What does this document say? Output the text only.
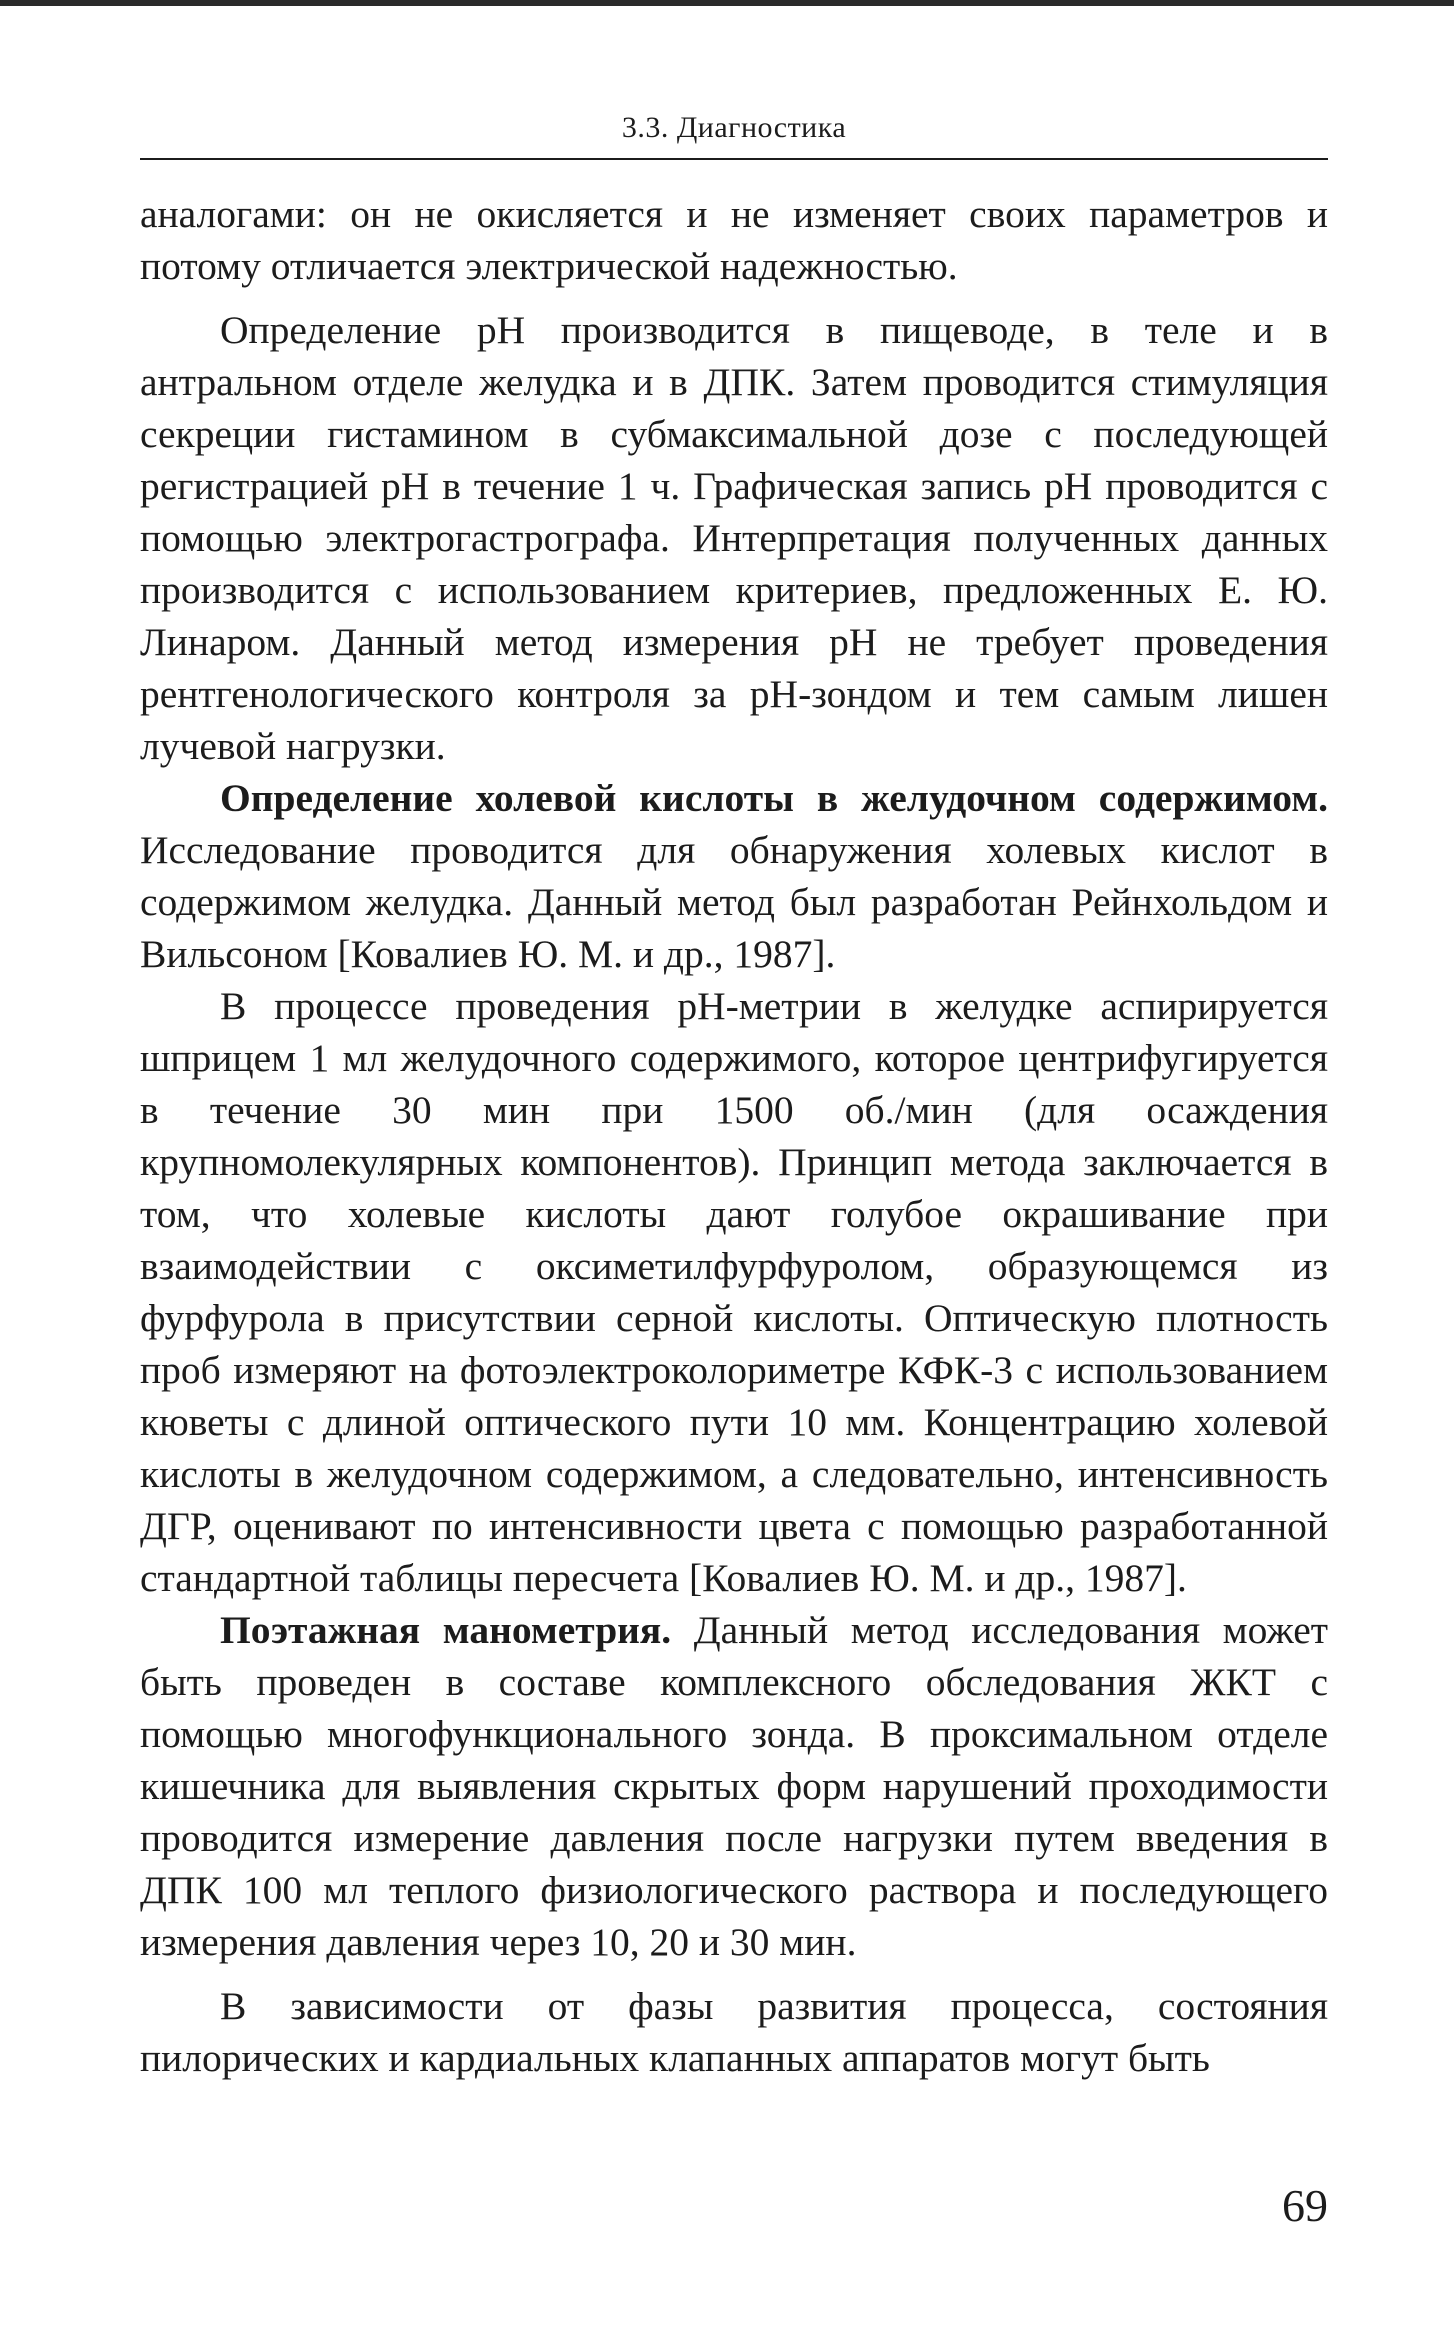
3.3. Диагностика

аналогами: он не окисляется и не изменяет своих параметров и потому отличается электрической надежностью.

Определение рН производится в пищеводе, в теле и в антральном отделе желудка и в ДПК. Затем проводится стимуляция секреции гистамином в субмаксимальной дозе с последующей регистрацией рН в течение 1 ч. Графическая запись рН проводится с помощью электрогастрографа. Интерпретация полученных данных производится с использованием критериев, предложенных Е. Ю. Линаром. Данный метод измерения рН не требует проведения рентгенологического контроля за рН-зондом и тем самым лишен лучевой нагрузки.

Определение холевой кислоты в желудочном содержимом. Исследование проводится для обнаружения холевых кислот в содержимом желудка. Данный метод был разработан Рейнхольдом и Вильсоном [Ковалиев Ю. М. и др., 1987].

В процессе проведения рН-метрии в желудке аспирируется шприцем 1 мл желудочного содержимого, которое центрифугируется в течение 30 мин при 1500 об./мин (для осаждения крупномолекулярных компонентов). Принцип метода заключается в том, что холевые кислоты дают голубое окрашивание при взаимодействии с оксиметилфурфуролом, образующемся из фурфурола в присутствии серной кислоты. Оптическую плотность проб измеряют на фотоэлектроколориметре КФК-3 с использованием кюветы с длиной оптического пути 10 мм. Концентрацию холевой кислоты в желудочном содержимом, а следовательно, интенсивность ДГР, оценивают по интенсивности цвета с помощью разработанной стандартной таблицы пересчета [Ковалиев Ю. М. и др., 1987].

Поэтажная манометрия. Данный метод исследования может быть проведен в составе комплексного обследования ЖКТ с помощью многофункционального зонда. В проксимальном отделе кишечника для выявления скрытых форм нарушений проходимости проводится измерение давления после нагрузки путем введения в ДПК 100 мл теплого физиологического раствора и последующего измерения давления через 10, 20 и 30 мин.

В зависимости от фазы развития процесса, состояния пилорических и кардиальных клапанных аппаратов могут быть

69
